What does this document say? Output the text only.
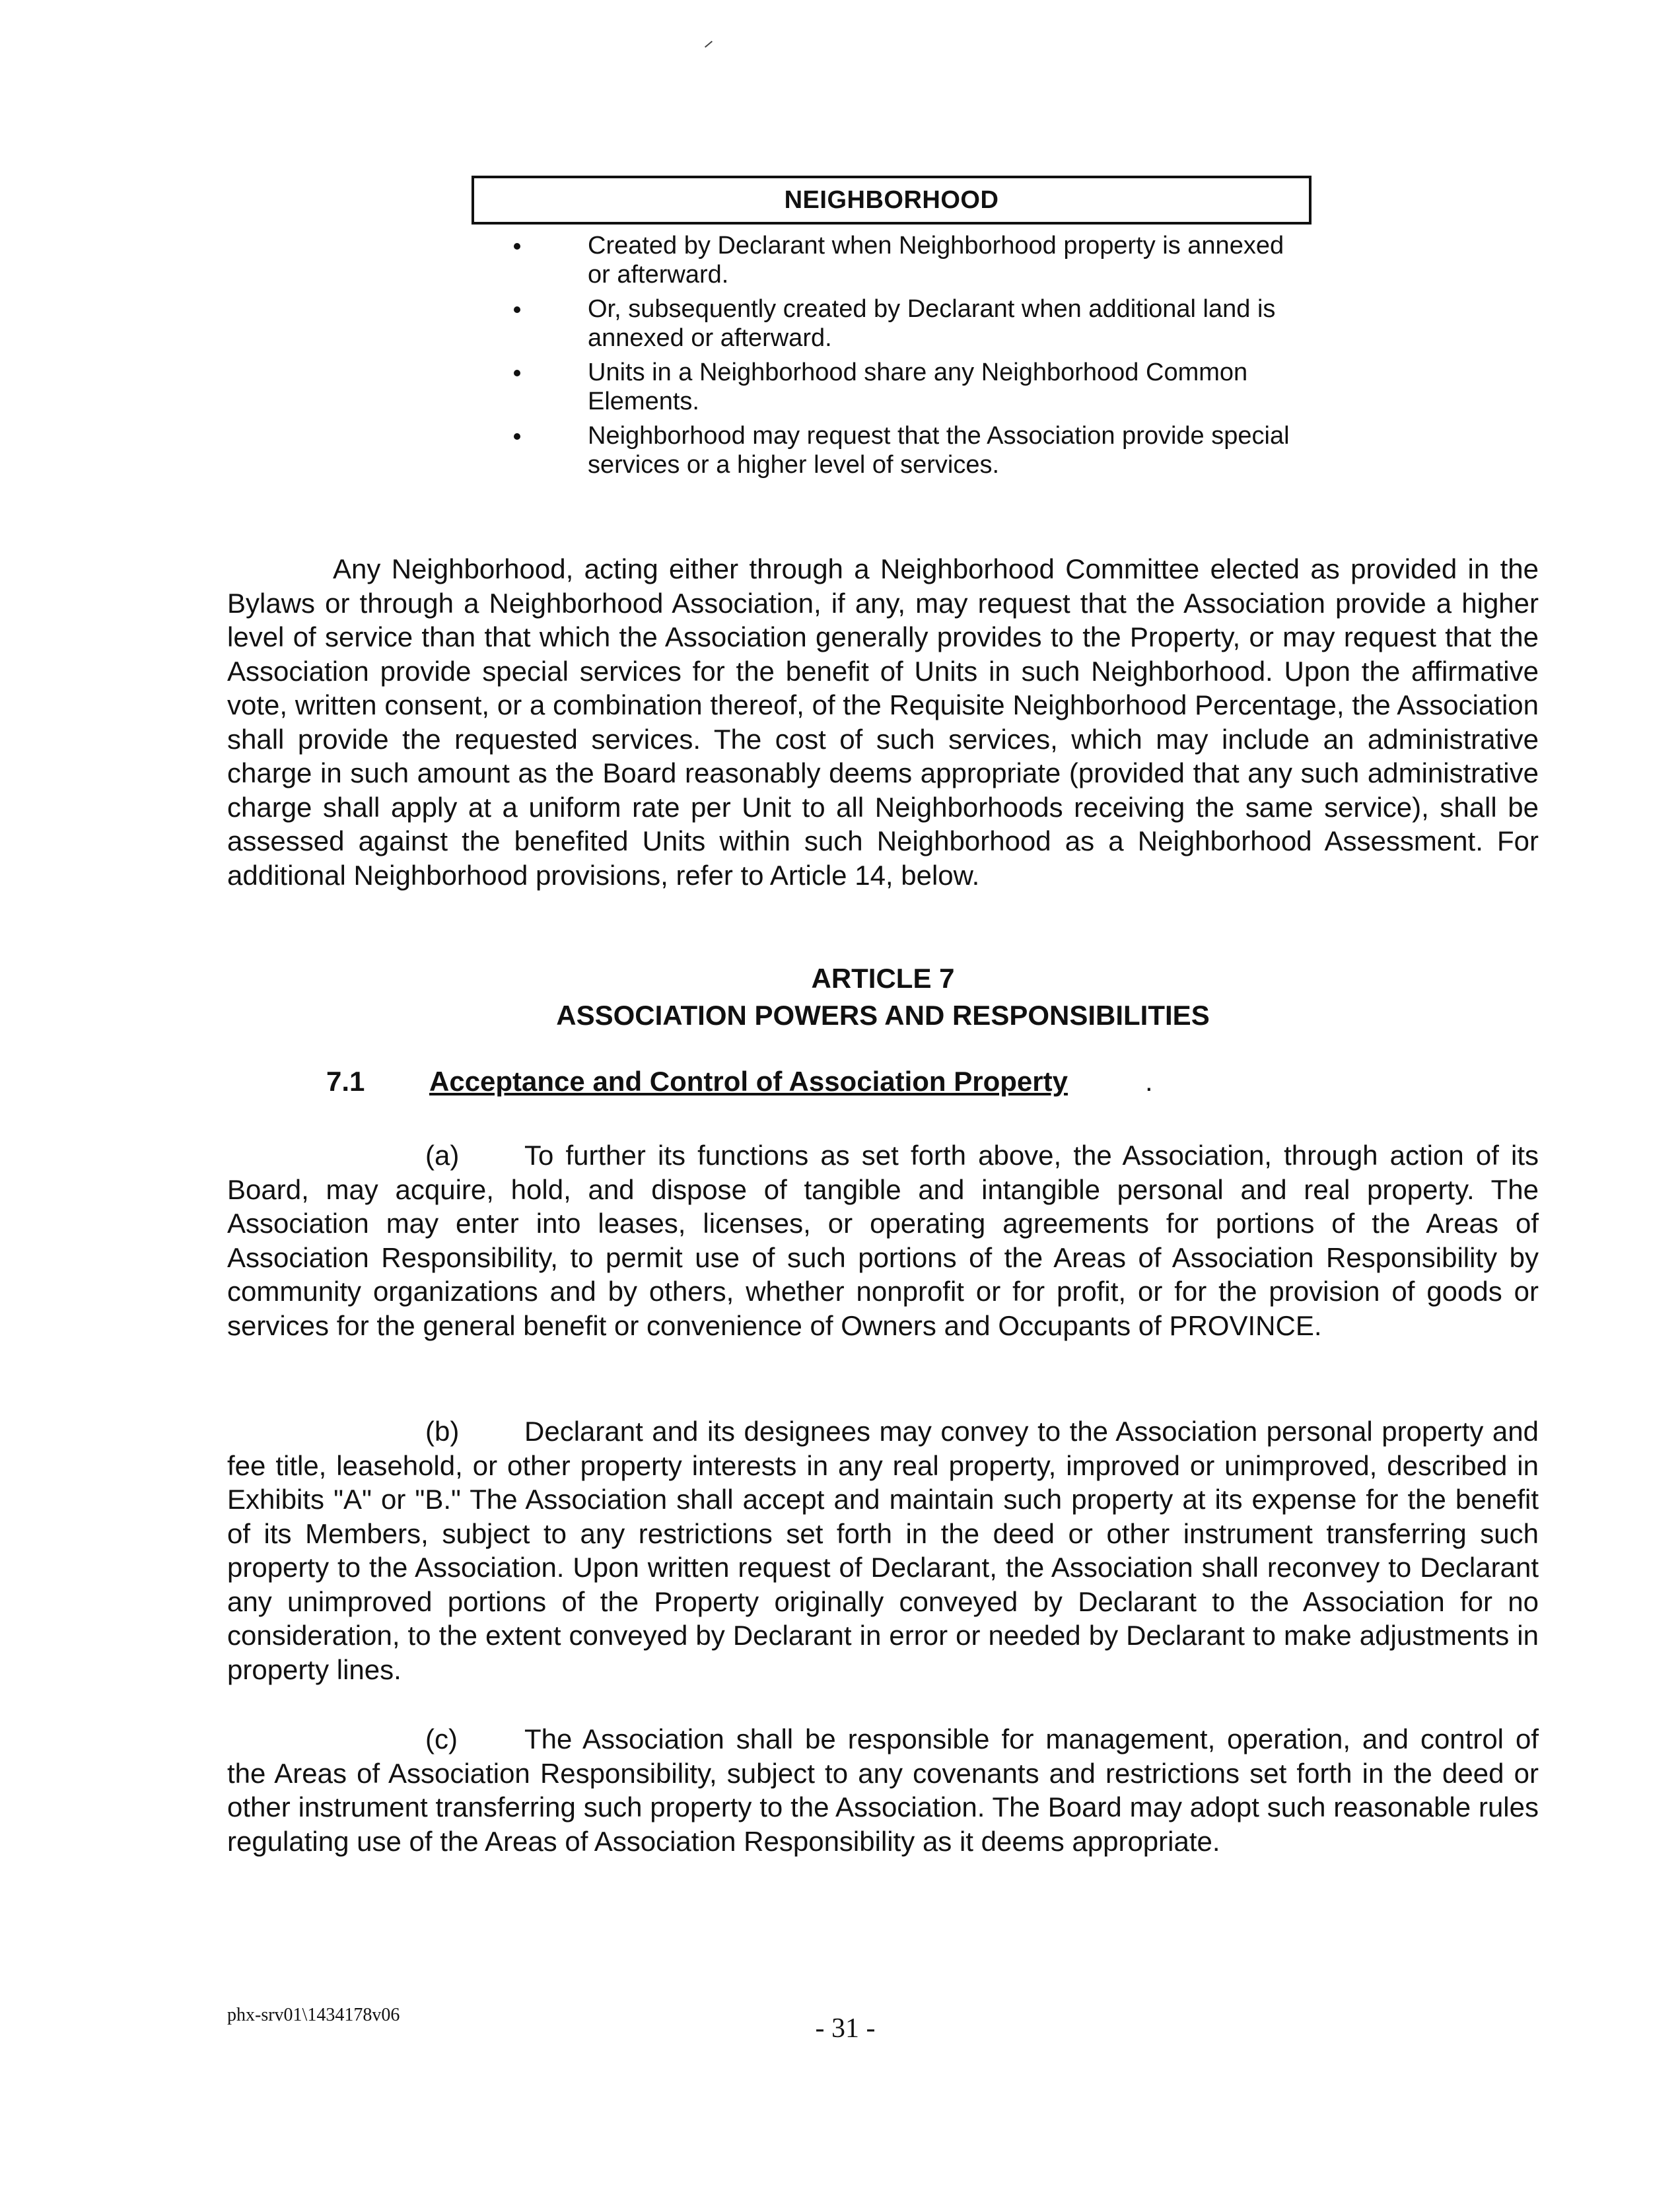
NEIGHBORHOOD
Created by Declarant when Neighborhood property is annexed or afterward.
Or, subsequently created by Declarant when additional land is annexed or afterward.
Units in a Neighborhood share any Neighborhood Common Elements.
Neighborhood may request that the Association provide special services or a higher level of services.

Any Neighborhood, acting either through a Neighborhood Committee elected as provided in the Bylaws or through a Neighborhood Association, if any, may request that the Association provide a higher level of service than that which the Association generally provides to the Property, or may request that the Association provide special services for the benefit of Units in such Neighborhood. Upon the affirmative vote, written consent, or a combination thereof, of the Requisite Neighborhood Percentage, the Association shall provide the requested services. The cost of such services, which may include an administrative charge in such amount as the Board reasonably deems appropriate (provided that any such administrative charge shall apply at a uniform rate per Unit to all Neighborhoods receiving the same service), shall be assessed against the benefited Units within such Neighborhood as a Neighborhood Assessment. For additional Neighborhood provisions, refer to Article 14, below.

ARTICLE 7
ASSOCIATION POWERS AND RESPONSIBILITIES
7.1 Acceptance and Control of Association Property	.

(a) To further its functions as set forth above, the Association, through action of its Board, may acquire, hold, and dispose of tangible and intangible personal and real property. The Association may enter into leases, licenses, or operating agreements for portions of the Areas of Association Responsibility, to permit use of such portions of the Areas of Association Responsibility by community organizations and by others, whether nonprofit or for profit, or for the provision of goods or services for the general benefit or convenience of Owners and Occupants of PROVINCE.

(b) Declarant and its designees may convey to the Association personal property and fee title, leasehold, or other property interests in any real property, improved or unimproved, described in Exhibits "A" or "B." The Association shall accept and maintain such property at its expense for the benefit of its Members, subject to any restrictions set forth in the deed or other instrument transferring such property to the Association. Upon written request of Declarant, the Association shall reconvey to Declarant any unimproved portions of the Property originally conveyed by Declarant to the Association for no consideration, to the extent conveyed by Declarant in error or needed by Declarant to make adjustments in property lines.

(c) The Association shall be responsible for management, operation, and control of the Areas of Association Responsibility, subject to any covenants and restrictions set forth in the deed or other instrument transferring such property to the Association. The Board may adopt such reasonable rules regulating use of the Areas of Association Responsibility as it deems appropriate.

phx-srv01\1434178v06	- 31 -
